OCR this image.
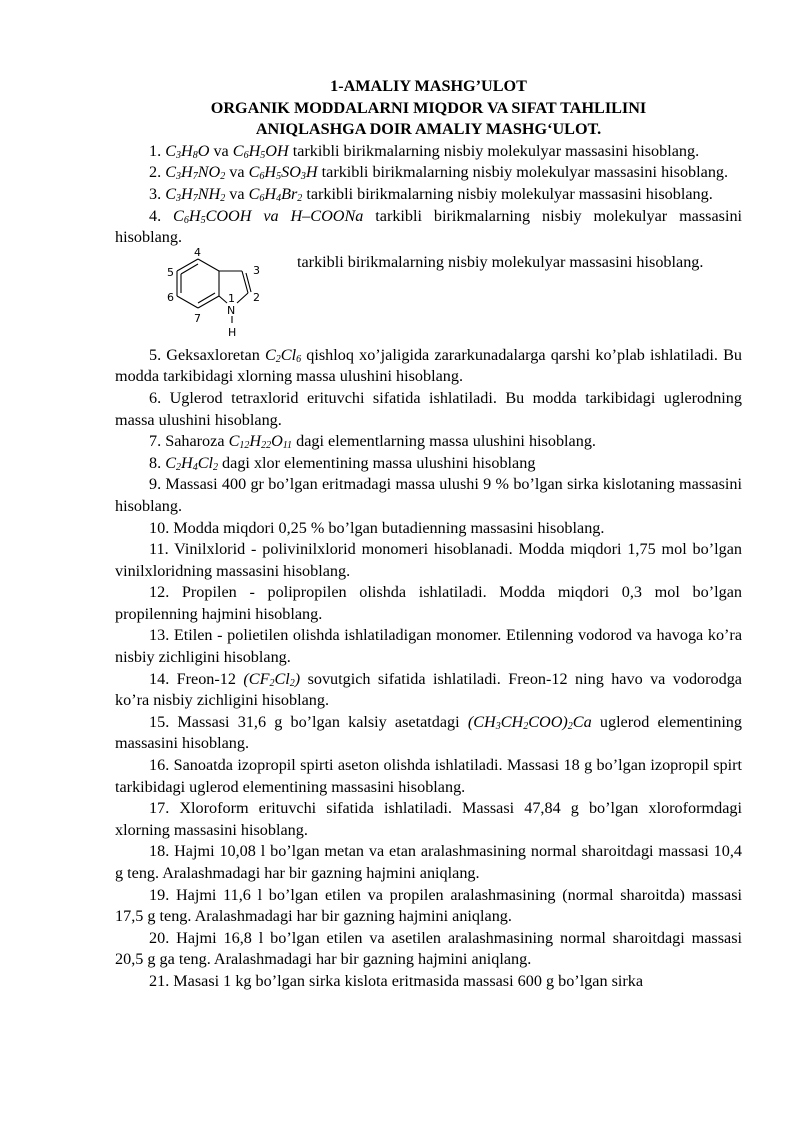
1-AMALIY MASHG’ULOT

ORGANIK MODDALARNI MIQDOR VA SIFAT TAHLILINI

ANIQLASHGA DOIR AMALIY MASHG‘ULOT.

1. $C_3H_8O$ va $C_6H_5OH$ tarkibli birikmalarning nisbiy molekulyar massasini hisoblang.

2. $C_3H_7NO_2$ va $C_6H_5SO_3H$ tarkibli birikmalarning nisbiy molekulyar massasini hisoblang.

3. $C_3H_7NH_2$ va $C_6H_4Br_2$ tarkibli birikmalarning nisbiy molekulyar massasini hisoblang.

4. $C_6H_5COOH$ va H–COONa tarkibli birikmalarning nisbiy molekulyar massasini hisoblang.

N
H
1 2
3
4
5
6
7
tarkibli birikmalarning nisbiy molekulyar massasini hisoblang.

5. Geksaxloretan $C_2Cl_6$ qishloq xo’jaligida zararkunadalarga qarshi ko’plab ishlatiladi. Bu modda tarkibidagi xlorning massa ulushini hisoblang.

6. Uglerod tetraxlorid erituvchi sifatida ishlatiladi. Bu modda tarkibidagi uglerodning massa ulushini hisoblang.

7. Saharoza $C_{12}H_{22}O_{11}$ dagi elementlarning massa ulushini hisoblang.

8. $C_2H_4Cl_2$ dagi xlor elementining massa ulushini hisoblang

9. Massasi 400 gr bo’lgan eritmadagi massa ulushi 9 % bo’lgan sirka kislotaning massasini hisoblang.

10. Modda miqdori 0,25 % bo’lgan butadienning massasini hisoblang.

11. Vinilxlorid - polivinilxlorid monomeri hisoblanadi. Modda miqdori 1,75 mol bo’lgan vinilxloridning massasini hisoblang.

12. Propilen - polipropilen olishda ishlatiladi. Modda miqdori 0,3 mol bo’lgan propilenning hajmini hisoblang.

13. Etilen - polietilen olishda ishlatiladigan monomer. Etilenning vodorod va havoga ko’ra nisbiy zichligini hisoblang.

14. Freon-12 $(CF_2Cl_2)$ sovutgich sifatida ishlatiladi. Freon-12 ning havo va vodorodga ko’ra nisbiy zichligini hisoblang.

15. Massasi 31,6 g bo’lgan kalsiy asetatdagi $(CH_3CH_2COO)_2Ca$ uglerod elementining massasini hisoblang.

16. Sanoatda izopropil spirti aseton olishda ishlatiladi. Massasi 18 g bo’lgan izopropil spirt tarkibidagi uglerod elementining massasini hisoblang.

17. Xloroform erituvchi sifatida ishlatiladi. Massasi 47,84 g bo’lgan xloroformdagi xlorning massasini hisoblang.

18. Hajmi 10,08 l bo’lgan metan va etan aralashmasining normal sharoitdagi massasi 10,4 g teng. Aralashmadagi har bir gazning hajmini aniqlang.

19. Hajmi 11,6 l bo’lgan etilen va propilen aralashmasining (normal sharoitda) massasi 17,5 g teng. Aralashmadagi har bir gazning hajmini aniqlang.

20. Hajmi 16,8 l bo’lgan etilen va asetilen aralashmasining normal sharoitdagi massasi 20,5 g ga teng. Aralashmadagi har bir gazning hajmini aniqlang.

21. Masasi 1 kg bo’lgan sirka kislota eritmasida massasi 600 g bo’lgan sirka
